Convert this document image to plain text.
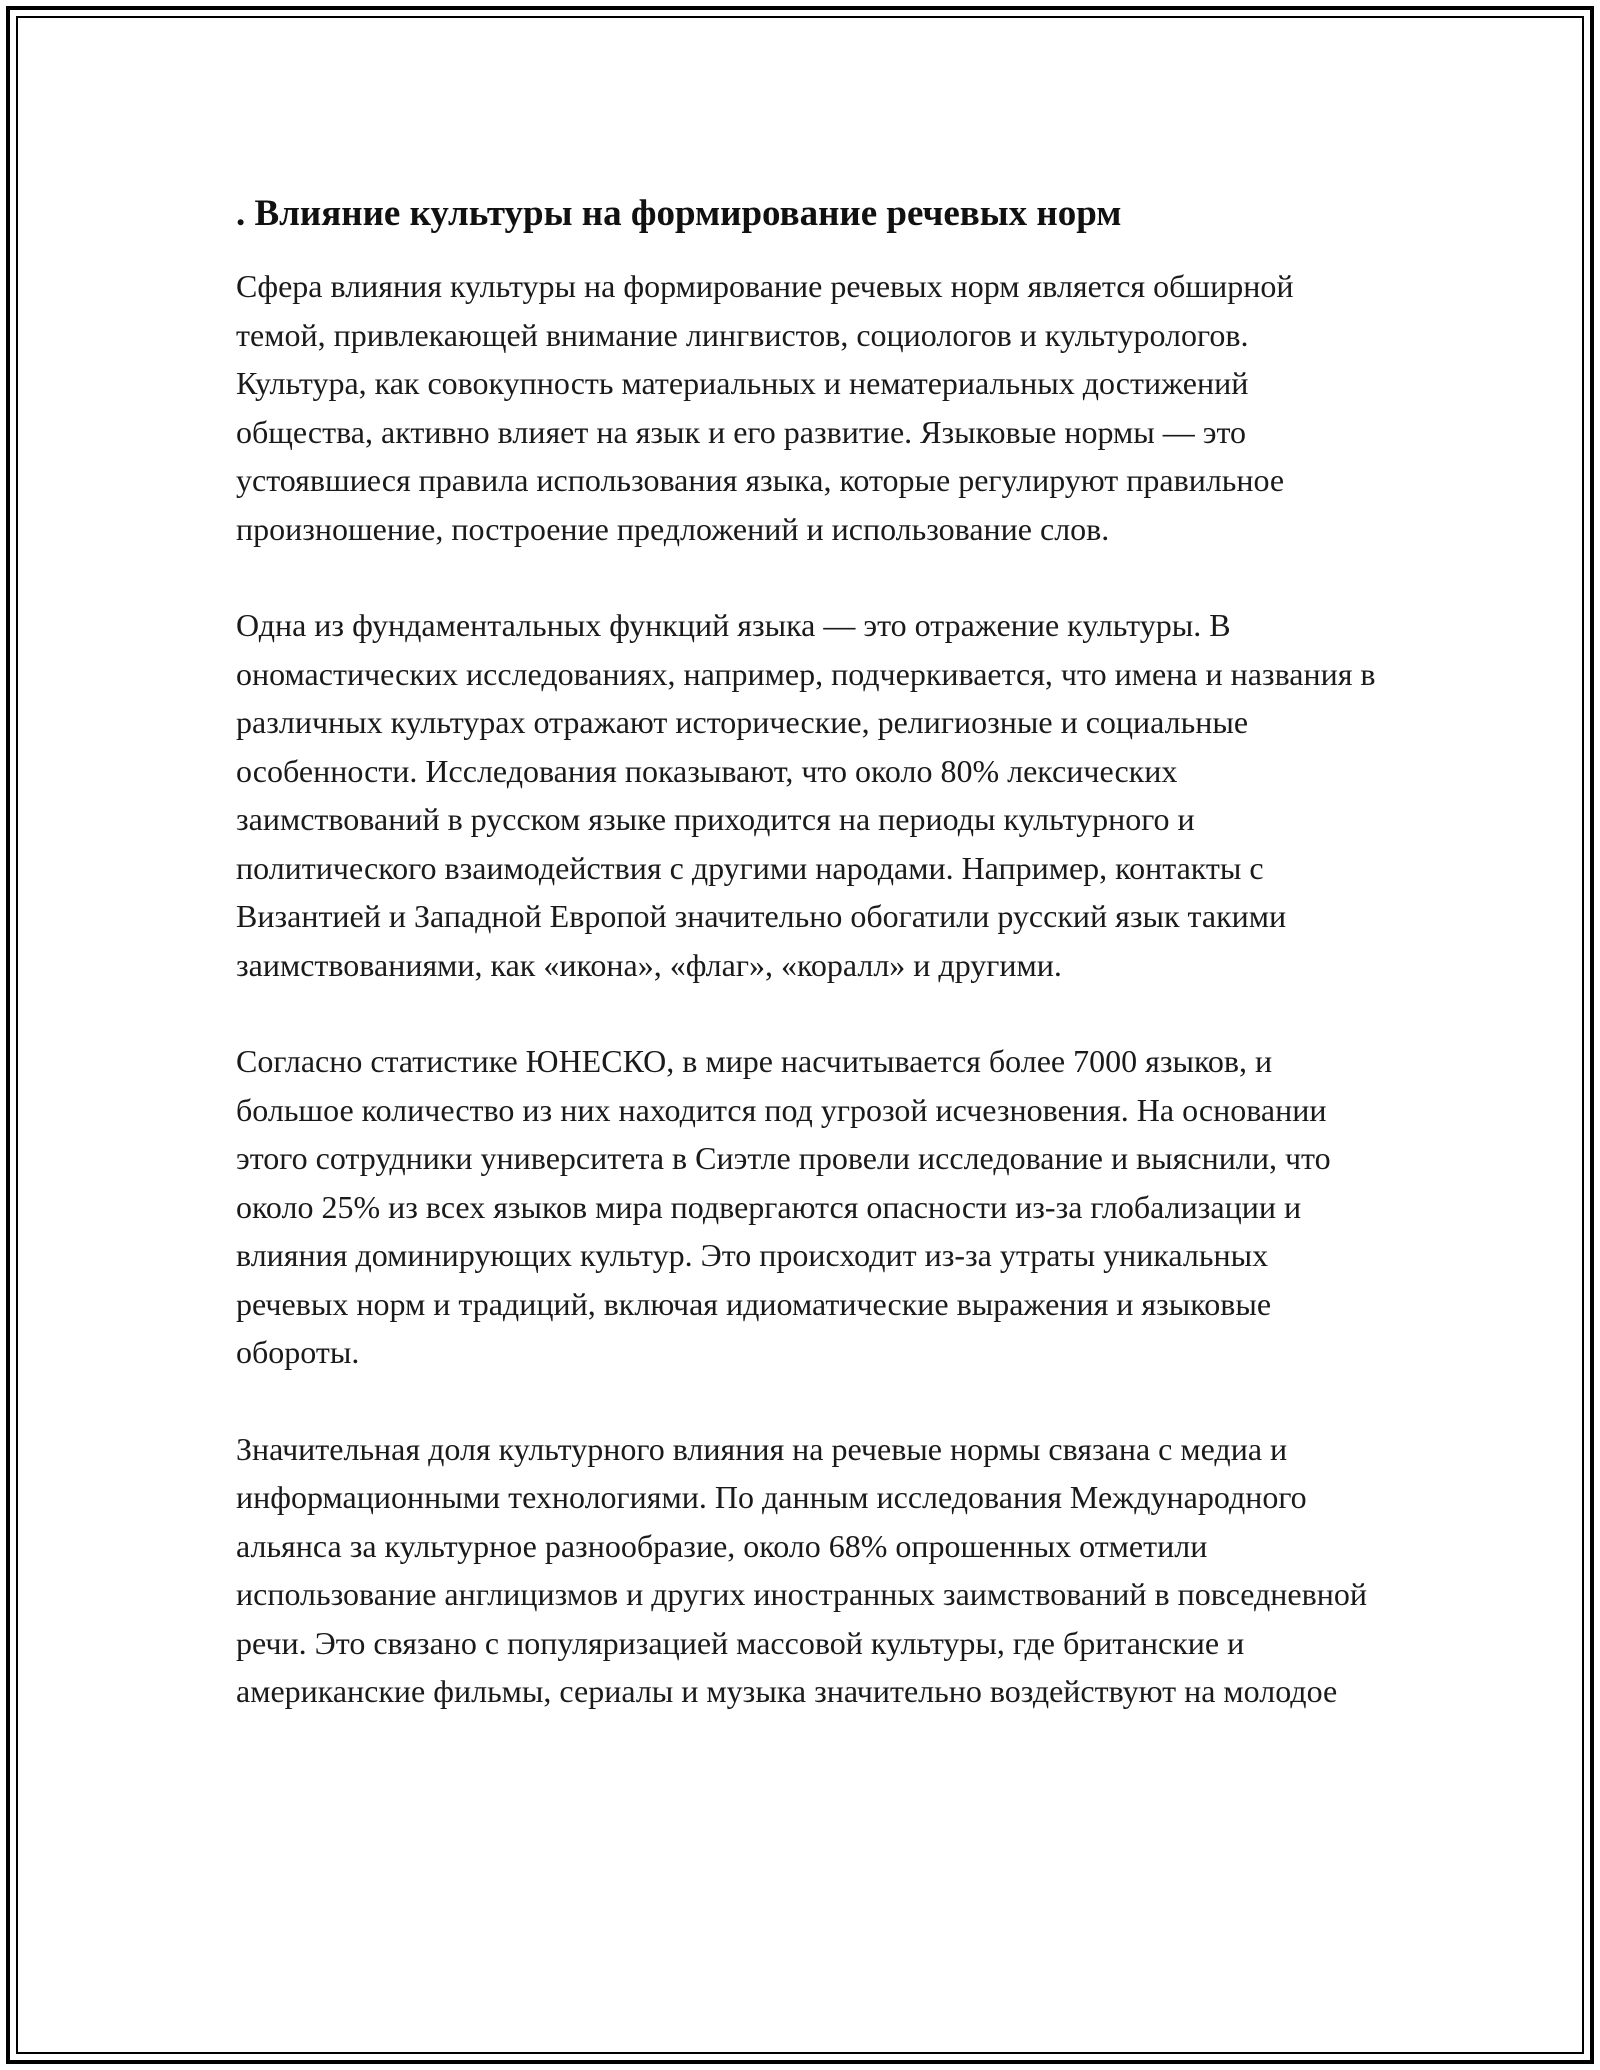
. Влияние культуры на формирование речевых норм

Сфера влияния культуры на формирование речевых норм является обширной темой, привлекающей внимание лингвистов, социологов и культурологов. Культура, как совокупность материальных и нематериальных достижений общества, активно влияет на язык и его развитие. Языковые нормы — это устоявшиеся правила использования языка, которые регулируют правильное произношение, построение предложений и использование слов.

Одна из фундаментальных функций языка — это отражение культуры. В ономастических исследованиях, например, подчеркивается, что имена и названия в различных культурах отражают исторические, религиозные и социальные особенности. Исследования показывают, что около 80% лексических заимствований в русском языке приходится на периоды культурного и политического взаимодействия с другими народами. Например, контакты с Византией и Западной Европой значительно обогатили русский язык такими заимствованиями, как «икона», «флаг», «коралл» и другими.

Согласно статистике ЮНЕСКО, в мире насчитывается более 7000 языков, и большое количество из них находится под угрозой исчезновения. На основании этого сотрудники университета в Сиэтле провели исследование и выяснили, что около 25% из всех языков мира подвергаются опасности из-за глобализации и влияния доминирующих культур. Это происходит из-за утраты уникальных речевых норм и традиций, включая идиоматические выражения и языковые обороты.

Значительная доля культурного влияния на речевые нормы связана с медиа и информационными технологиями. По данным исследования Международного альянса за культурное разнообразие, около 68% опрошенных отметили использование англицизмов и других иностранных заимствований в повседневной речи. Это связано с популяризацией массовой культуры, где британские и американские фильмы, сериалы и музыка значительно воздействуют на молодое
